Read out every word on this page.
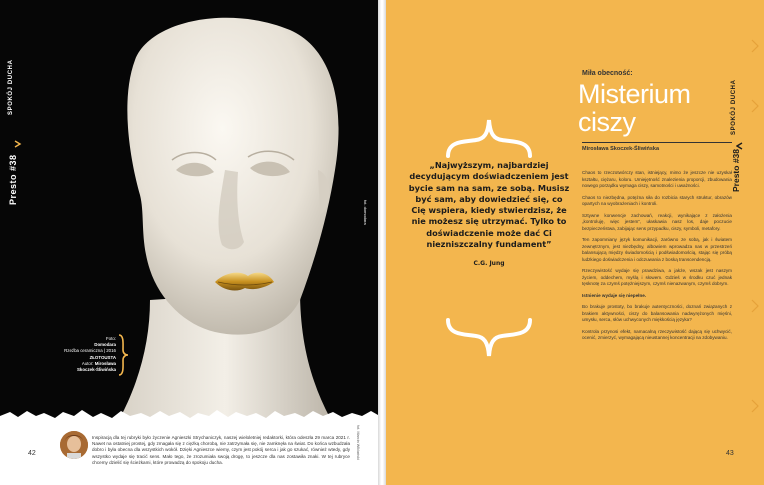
Presto #38
SPOKÓJ DUCHA
fot. domodara
Foto:
Domodara
Rzeźba ceramiczna | 2016
ZŁOTOUSTA
Autor: Mirosława
Skoczek-Śliwińska

Inspiracją dla tej rubryki było życzenie Agnieszki Strychaniczyk, naszej wieloletniej redaktorki, która odeszła 29 marca 2021 r. Nawet na ostatniej prostej, gdy zmagała się z ciężką chorobą, nie zatrzymała się, nie zamknęła na świat. Do końca wzbudzała dobro i była obecna dla wszystkich wokół. Dzięki Agnieszce wiemy, czym jest pokój serca i jak go szukać, również wtedy, gdy wszystko wydaje się tracić sens. Mało tego, że zrozumiała swoją drogę, to jeszcze dla nas zostawiła znaki. W tej rubryce chcemy dzielić się ścieżkami, które prowadzą do spokoju ducha.

42	fot. Marcin Wiklański
Miła obecność:
Misterium ciszy
Mirosława Skoczek-Śliwińska

„Najwyższym, najbardziej decydującym doświadczeniem jest bycie sam na sam, ze sobą. Musisz być sam, aby dowiedzieć się, co Cię wspiera, kiedy stwierdzisz, że nie możesz się utrzymać. Tylko to doświadczenie może dać Ci niezniszczalny fundament”

C.G. Jung

Chaos to rzeczotwórczy stan, istniejący, mimo że jeszcze nie uzyskał kształtu, ciężaru, koloru. Umiejętność znalezienia proporcji, zbudowania nowego porządku wymaga ciszy, samotności i uważności.

Chaos to niezbędna, potężna siła do rozbicia starych struktur, obrazów opartych na wyobrażeniach i kontroli.

Sztywne konwencje zachowań, reakcji, wynikające z założenia „kontroluję, więc jestem”, ułaskawia nasz los, daje poczucie bezpieczeństwa, zabijając sens przypadku, ciszy, symboli, metafory.

Ten zapomniany język komunikacji, zarówno ze sobą, jak i światem zewnętrznym, jest niezbędny, albowiem wprowadza nas w przestrzeń balansującą między świadomością i podświadomością, stając się próbą ludzkiego doświadczenia i odczuwania z boską transcendencją.

Rzeczywistość wydaje się prawdziwa, a jakże, wszak jest naszym życiem, oddechem, myślą i słowem. Gdzieś w środku czuć jednak tęsknotę za czymś potężniejszym, czymś nienazwanym, czymś dobrym.

Istnienie wydaje się niepełne.

Bo brakuje prostoty, bo brakuje autentyczności, doznań związanych z brakiem aktywności, ciszy do balansowania nadwyrężonych mięśni, umysłu, serca, słów uchwyconych miękkością języka?

Kontrola przynosi efekt, namacalną rzeczywistość dającą się uchwycić, ocenić, zmierzyć, wymagającą nieustannej koncentracji na zdobywaniu.

Presto #38
SPOKÓJ DUCHA
43
